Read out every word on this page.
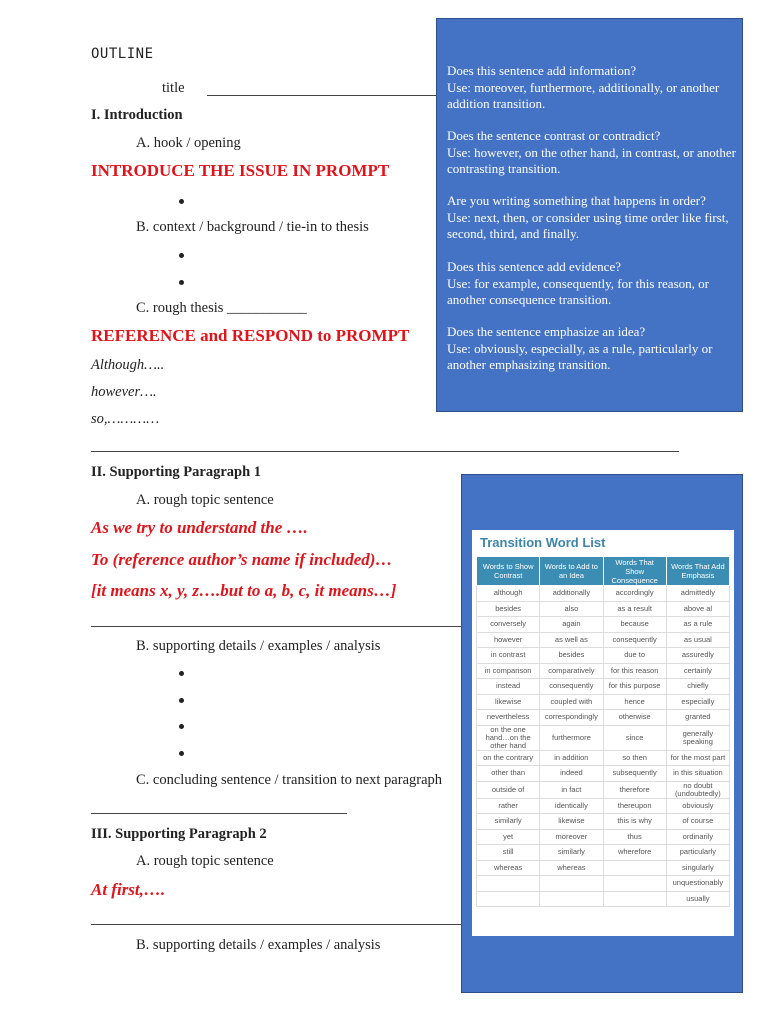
OUTLINE
title
I. Introduction
A. hook / opening
INTRODUCE THE ISSUE IN PROMPT
B. context / background / tie-in to thesis
C. rough thesis ___________
REFERENCE and RESPOND to PROMPT
Although…..
however….
so,…………
II. Supporting Paragraph 1
A. rough topic sentence
As we try to understand the ….
To (reference author’s name if included)…
[it means x, y, z….but to a, b, c, it means…]
B. supporting details / examples / analysis
C. concluding sentence / transition to next paragraph
III. Supporting Paragraph 2
A. rough topic sentence
At first,….
B. supporting details / examples / analysis
Does this sentence add information?
Use: moreover, furthermore, additionally, or another addition transition.
Does the sentence contrast or contradict?
Use: however, on the other hand, in contrast, or another contrasting transition.
Are you writing something that happens in order?
Use: next, then, or consider using time order like first, second, third, and finally.
Does this sentence add evidence?
Use: for example, consequently, for this reason, or another consequence transition.
Does the sentence emphasize an idea?
Use: obviously, especially, as a rule, particularly or another emphasizing transition.
Transition Word List
Words to Show Contrast	Words to Add to an Idea	Words That Show Consequence	Words That Add Emphasis
although	additionally	accordingly	admittedly
besides	also	as a result	above al
conversely	again	because	as a rule
however	as well as	consequently	as usual
in contrast	besides	due to	assuredly
in comparison	comparatively	for this reason	certainly
instead	consequently	for this purpose	chiefly
likewise	coupled with	hence	especially
nevertheless	correspondingly	otherwise	granted
on the one hand…on the other hand	furthermore	since	generally speaking
on the contrary	in addition	so then	for the most part
other than	indeed	subsequently	in this situation
outside of	in fact	therefore	no doubt (undoubtedly)
rather	identically	thereupon	obviously
similarly	likewise	this is why	of course
yet	moreover	thus	ordinarily
still	similarly	wherefore	particularly
whereas	whereas		singularly
			unquestionably
			usually
